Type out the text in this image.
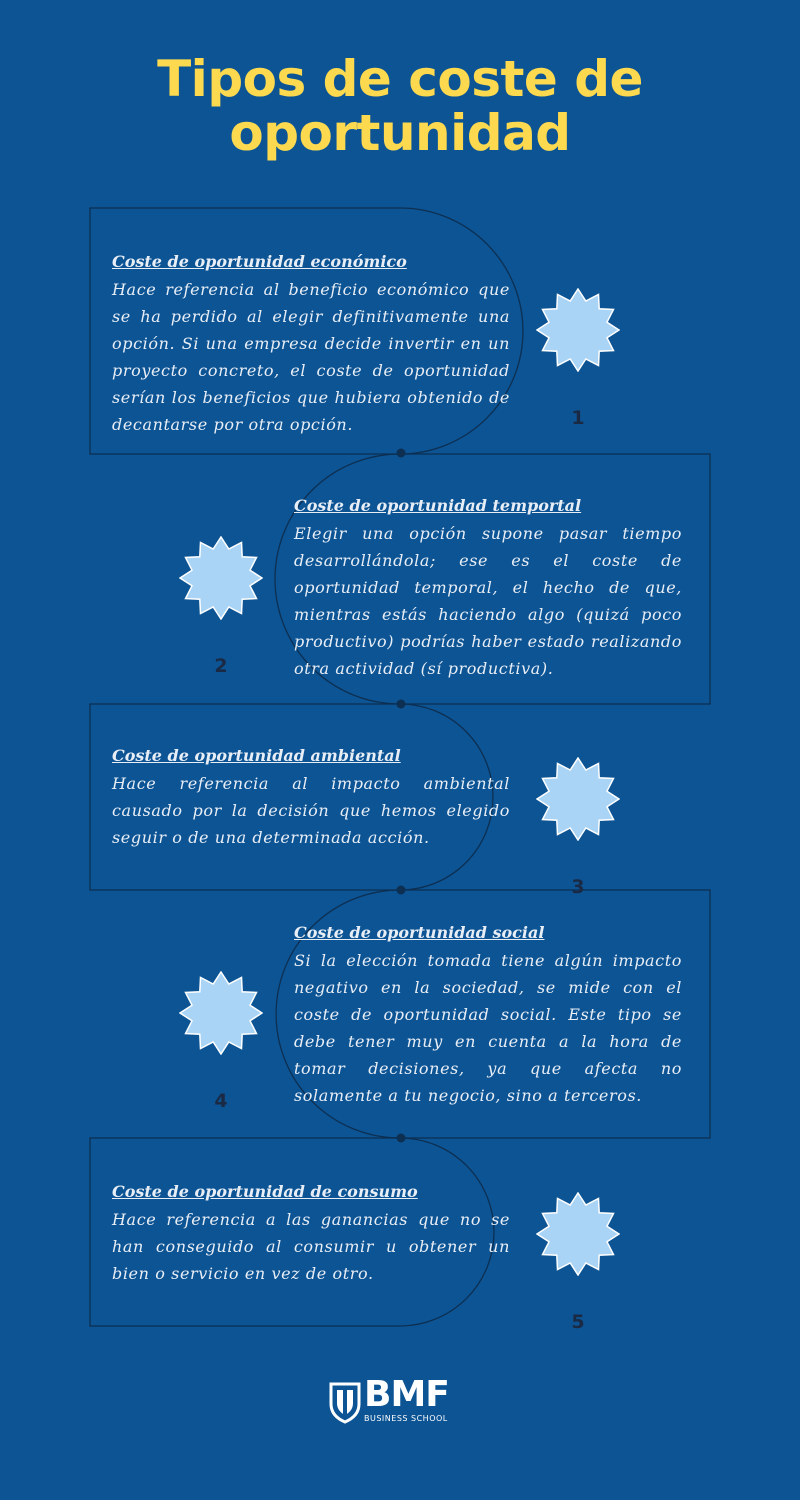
Tipos de coste de
oportunidad
Coste de oportunidad económico
Hace referencia al beneficio económico que se ha perdido al elegir definitivamente una opción. Si una empresa decide invertir en un proyecto concreto, el coste de oportunidad serían los beneficios que hubiera obtenido de decantarse por otra opción.	1
Coste de oportunidad temportal
Elegir una opción supone pasar tiempo desarrollándola; ese es el coste de oportunidad temporal, el hecho de que, mientras estás haciendo algo (quizá poco productivo) podrías haber estado realizando otra actividad (sí productiva).
2
Coste de oportunidad ambiental
Hace referencia al impacto ambiental causado por la decisión que hemos elegido seguir o de una determinada acción.
3
Coste de oportunidad social
Si la elección tomada tiene algún impacto negativo en la sociedad, se mide con el coste de oportunidad social. Este tipo se debe tener muy en cuenta a la hora de tomar decisiones, ya que afecta no solamente a tu negocio, sino a terceros.
4
Coste de oportunidad de consumo
Hace referencia a las ganancias que no se han conseguido al consumir u obtener un bien o servicio en vez de otro.
5
BMF
BUSINESS SCHOOL
